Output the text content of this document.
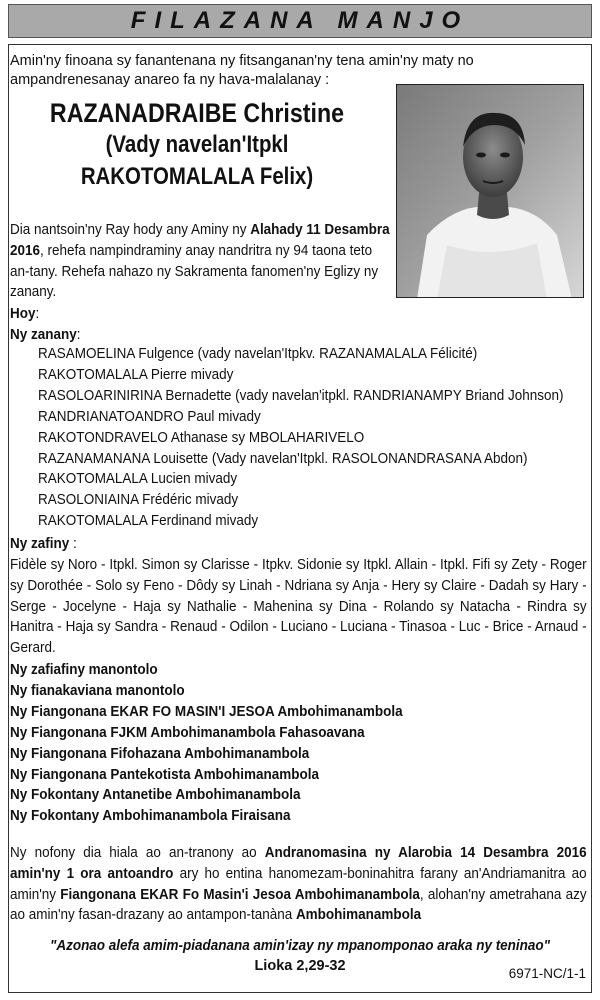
FILAZANA MANJO
Amin'ny finoana sy fanantenana ny fitsanganan'ny tena amin'ny maty no ampandrenesanay anareo fa ny hava-malalanay :
RAZANADRAIBE Christine
(Vady navelan'Itpkl
RAKOTOMALALA Felix)
Dia nantsoin'ny Ray hody any Aminy ny Alahady 11 Desambra 2016, rehefa nampindraminy anay nandritra ny 94 taona teto an-tany. Rehefa nahazo ny Sakramenta fanomen'ny Eglizy ny zanany.
Hoy:
Ny zanany:
RASAMOELINA Fulgence (vady navelan'Itpkv. RAZANAMALALA Félicité)
RAKOTOMALALA Pierre mivady
RASOLOARINIRINA Bernadette (vady navelan'itpkl. RANDRIANAMPY Briand Johnson)
RANDRIANATOANDRO Paul mivady
RAKOTONDRAVELO Athanase sy MBOLAHARIVELO
RAZANAMANANA Louisette (Vady navelan'Itpkl. RASOLONANDRASANA Abdon)
RAKOTOMALALA Lucien mivady
RASOLONIAINA Frédéric mivady
RAKOTOMALALA Ferdinand mivady
Ny zafiny :
Fidèle sy Noro - Itpkl. Simon sy Clarisse - Itpkv. Sidonie sy Itpkl. Allain - Itpkl. Fifi sy Zety - Roger sy Dorothée - Solo sy Feno - Dôdy sy Linah - Ndriana sy Anja - Hery sy Claire - Dadah sy Hary - Serge - Jocelyne - Haja sy Nathalie - Mahenina sy Dina - Rolando sy Natacha - Rindra sy Hanitra - Haja sy Sandra - Renaud - Odilon - Luciano - Luciana - Tinasoa - Luc - Brice - Arnaud - Gerard.
Ny zafiafiny manontolo
Ny fianakaviana manontolo
Ny Fiangonana EKAR FO MASIN'I JESOA Ambohimanambola
Ny Fiangonana FJKM Ambohimanambola Fahasoavana
Ny Fiangonana Fifohazana Ambohimanambola
Ny Fiangonana Pantekotista Ambohimanambola
Ny Fokontany Antanetibe Ambohimanambola
Ny Fokontany Ambohimanambola Firaisana
Ny nofony dia hiala ao an-tranony ao Andranomasina ny Alarobia 14 Desambra 2016 amin'ny 1 ora antoandro ary ho entina hanomezam-boninahitra farany an'Andriamanitra ao amin'ny Fiangonana EKAR Fo Masin'i Jesoa Ambohimanambola, alohan'ny ametrahana azy ao amin'ny fasan-drazany ao antampon-tanàna Ambohimanambola
"Azonao alefa amim-piadanana amin'izay ny mpanomponao araka ny teninao"
Lioka 2,29-32	6971-NC/1-1
